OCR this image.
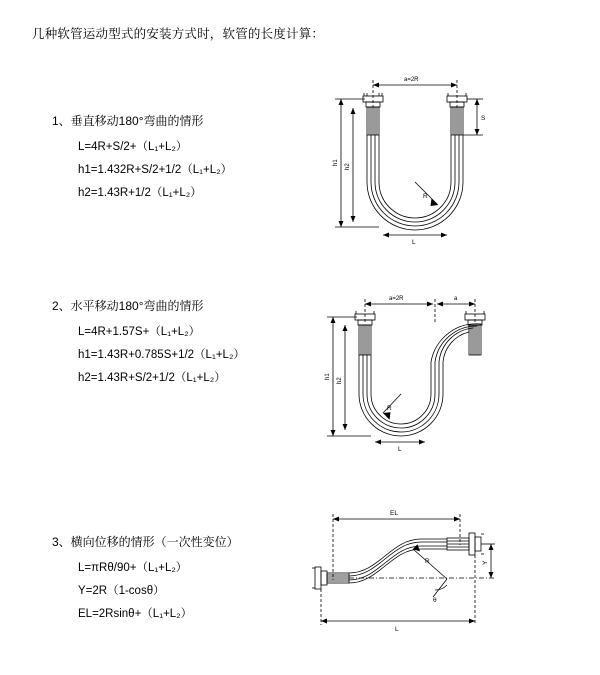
几种软管运动型式的安装方式时，软管的长度计算：
1、垂直移动180°弯曲的情形
L=4R+S/2+（L₁+L₂）
h1=1.432R+S/2+1/2（L₁+L₂）
h2=1.43R+1/2（L₁+L₂）
a=2R
R
L
h1
h2
S
2、水平移动180°弯曲的情形
L=4R+1.57S+（L₁+L₂）
h1=1.43R+0.785S+1/2（L₁+L₂）
h2=1.43R+S/2+1/2（L₁+L₂）
a=2R	a
R
L
h1
h2
3、横向位移的情形（一次性变位）
L=πRθ/90+（L₁+L₂）
Y=2R（1-cosθ）
EL=2Rsinθ+（L₁+L₂）
EL
Y
R
θ
L
